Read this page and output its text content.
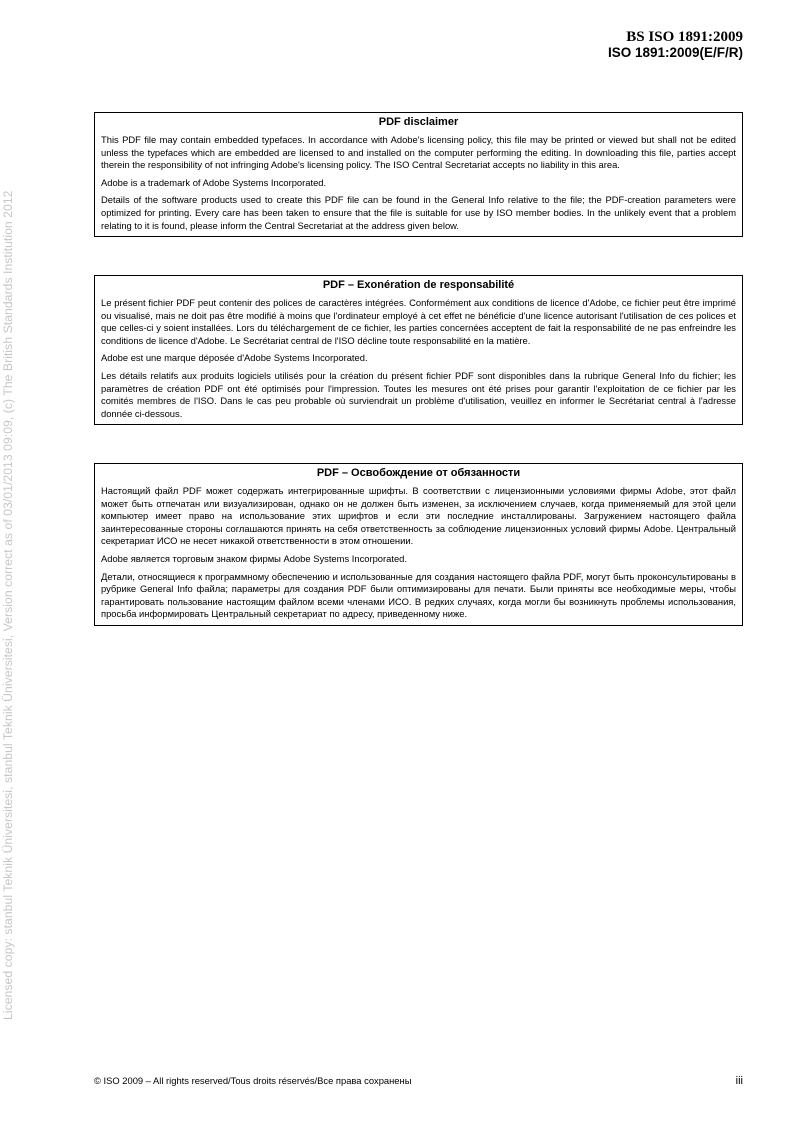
BS ISO 1891:2009
ISO 1891:2009(E/F/R)
Licensed copy: stanbul Teknik Üniversitesi, stanbul Teknik Üniversitesi, Version correct as of 03/01/2013 09:09, (c) The British Standards Institution 2012
PDF disclaimer

This PDF file may contain embedded typefaces. In accordance with Adobe's licensing policy, this file may be printed or viewed but shall not be edited unless the typefaces which are embedded are licensed to and installed on the computer performing the editing. In downloading this file, parties accept therein the responsibility of not infringing Adobe's licensing policy. The ISO Central Secretariat accepts no liability in this area.

Adobe is a trademark of Adobe Systems Incorporated.

Details of the software products used to create this PDF file can be found in the General Info relative to the file; the PDF-creation parameters were optimized for printing. Every care has been taken to ensure that the file is suitable for use by ISO member bodies. In the unlikely event that a problem relating to it is found, please inform the Central Secretariat at the address given below.

PDF – Exonération de responsabilité

Le présent fichier PDF peut contenir des polices de caractères intégrées. Conformément aux conditions de licence d'Adobe, ce fichier peut être imprimé ou visualisé, mais ne doit pas être modifié à moins que l'ordinateur employé à cet effet ne bénéficie d'une licence autorisant l'utilisation de ces polices et que celles-ci y soient installées. Lors du téléchargement de ce fichier, les parties concernées acceptent de fait la responsabilité de ne pas enfreindre les conditions de licence d'Adobe. Le Secrétariat central de l'ISO décline toute responsabilité en la matière.

Adobe est une marque déposée d'Adobe Systems Incorporated.

Les détails relatifs aux produits logiciels utilisés pour la création du présent fichier PDF sont disponibles dans la rubrique General Info du fichier; les paramètres de création PDF ont été optimisés pour l'impression. Toutes les mesures ont été prises pour garantir l'exploitation de ce fichier par les comités membres de l'ISO. Dans le cas peu probable où surviendrait un problème d'utilisation, veuillez en informer le Secrétariat central à l'adresse donnée ci-dessous.

PDF – Освобождение от обязанности

Настоящий файл PDF может содержать интегрированные шрифты. В соответствии с лицензионными условиями фирмы Adobe, этот файл может быть отпечатан или визуализирован, однако он не должен быть изменен, за исключением случаев, когда применяемый для этой цели компьютер имеет право на использование этих шрифтов и если эти последние инсталлированы. Загружением настоящего файла заинтересованные стороны соглашаются принять на себя ответственность за соблюдение лицензионных условий фирмы Adobe. Центральный секретариат ИСО не несет никакой ответственности в этом отношении.

Adobe является торговым знаком фирмы Adobe Systems Incorporated.

Детали, относящиеся к программному обеспечению и использованные для создания настоящего файла PDF, могут быть проконсультированы в рубрике General Info файла; параметры для создания PDF были оптимизированы для печати. Были приняты все необходимые меры, чтобы гарантировать пользование настоящим файлом всеми членами ИСО. В редких случаях, когда могли бы возникнуть проблемы использования, просьба информировать Центральный секретариат по адресу, приведенному ниже.

© ISO 2009 – All rights reserved/Tous droits réservés/Все права сохранены	iii
